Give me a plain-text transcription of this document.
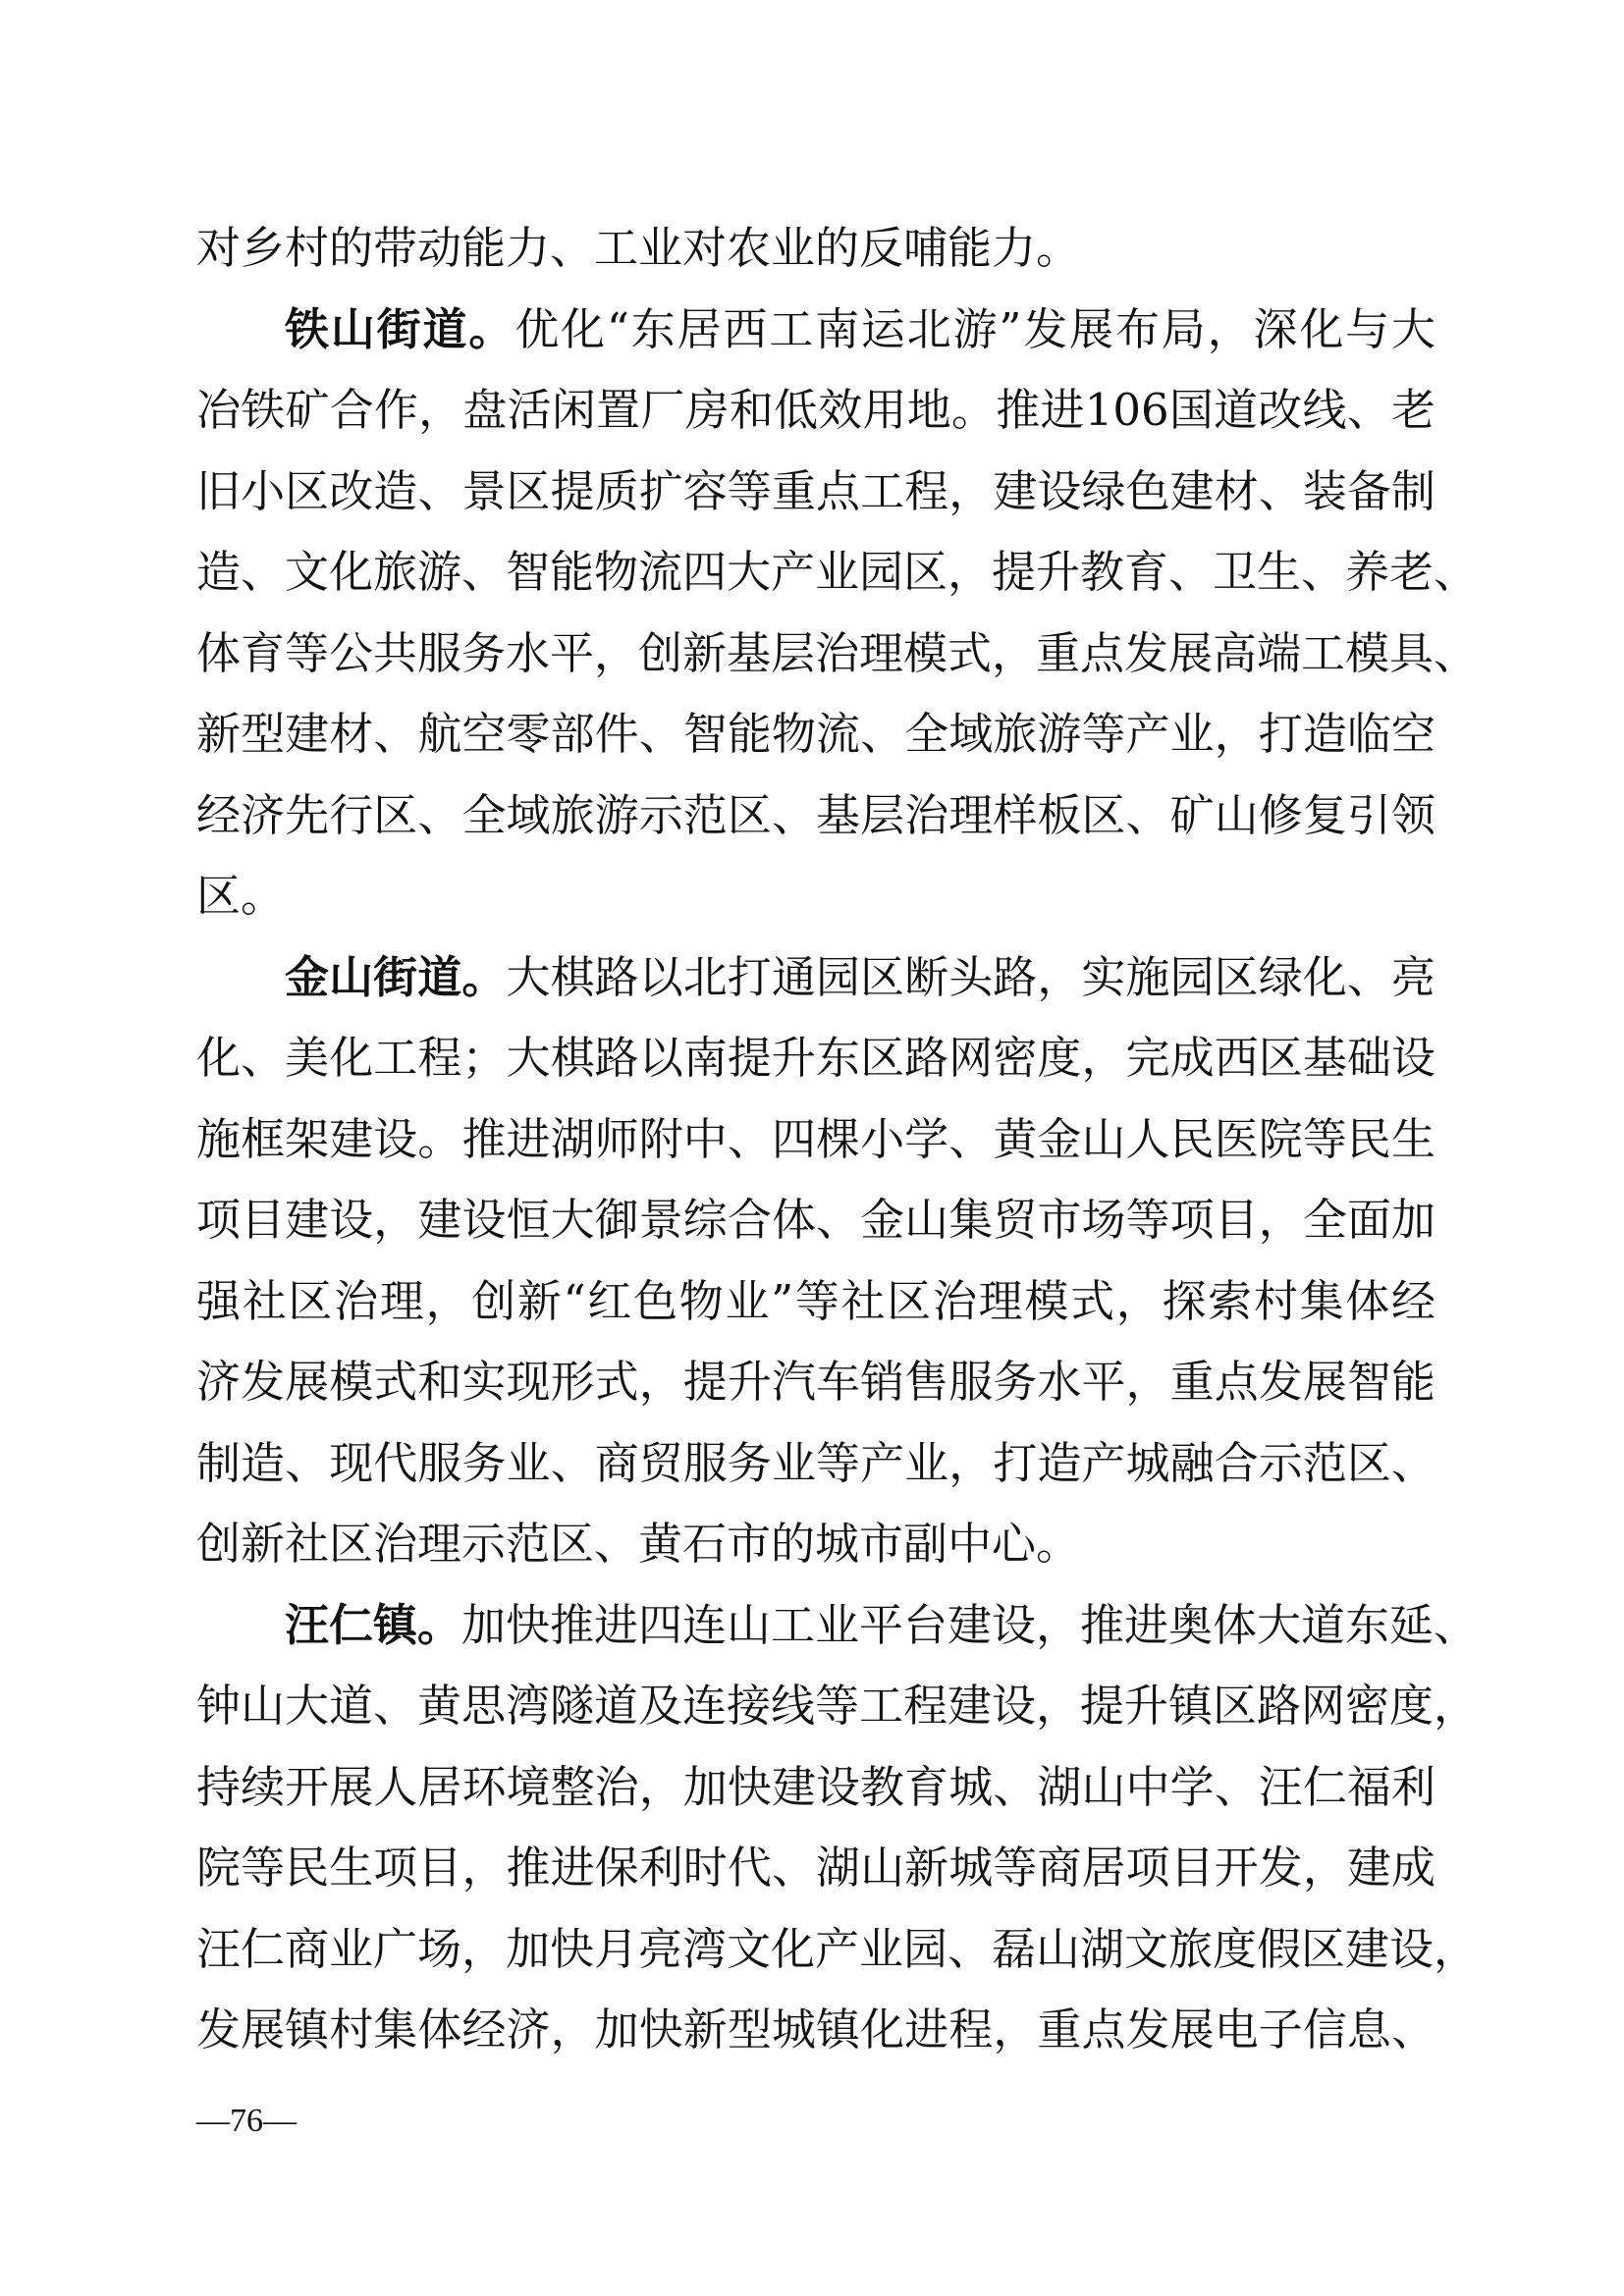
对乡村的带动能力、工业对农业的反哺能力。
铁山街道。优化“东居西工南运北游”发展布局，深化与大
冶铁矿合作，盘活闲置厂房和低效用地。推进106国道改线、老
旧小区改造、景区提质扩容等重点工程，建设绿色建材、装备制
造、文化旅游、智能物流四大产业园区，提升教育、卫生、养老、
体育等公共服务水平，创新基层治理模式，重点发展高端工模具、
新型建材、航空零部件、智能物流、全域旅游等产业，打造临空
经济先行区、全域旅游示范区、基层治理样板区、矿山修复引领
区。
金山街道。大棋路以北打通园区断头路，实施园区绿化、亮
化、美化工程；大棋路以南提升东区路网密度，完成西区基础设
施框架建设。推进湖师附中、四棵小学、黄金山人民医院等民生
项目建设，建设恒大御景综合体、金山集贸市场等项目，全面加
强社区治理，创新“红色物业”等社区治理模式，探索村集体经
济发展模式和实现形式，提升汽车销售服务水平，重点发展智能
制造、现代服务业、商贸服务业等产业，打造产城融合示范区、
创新社区治理示范区、黄石市的城市副中心。
汪仁镇。加快推进四连山工业平台建设，推进奥体大道东延、
钟山大道、黄思湾隧道及连接线等工程建设，提升镇区路网密度，
持续开展人居环境整治，加快建设教育城、湖山中学、汪仁福利
院等民生项目，推进保利时代、湖山新城等商居项目开发，建成
汪仁商业广场，加快月亮湾文化产业园、磊山湖文旅度假区建设，
发展镇村集体经济，加快新型城镇化进程，重点发展电子信息、
—76—
